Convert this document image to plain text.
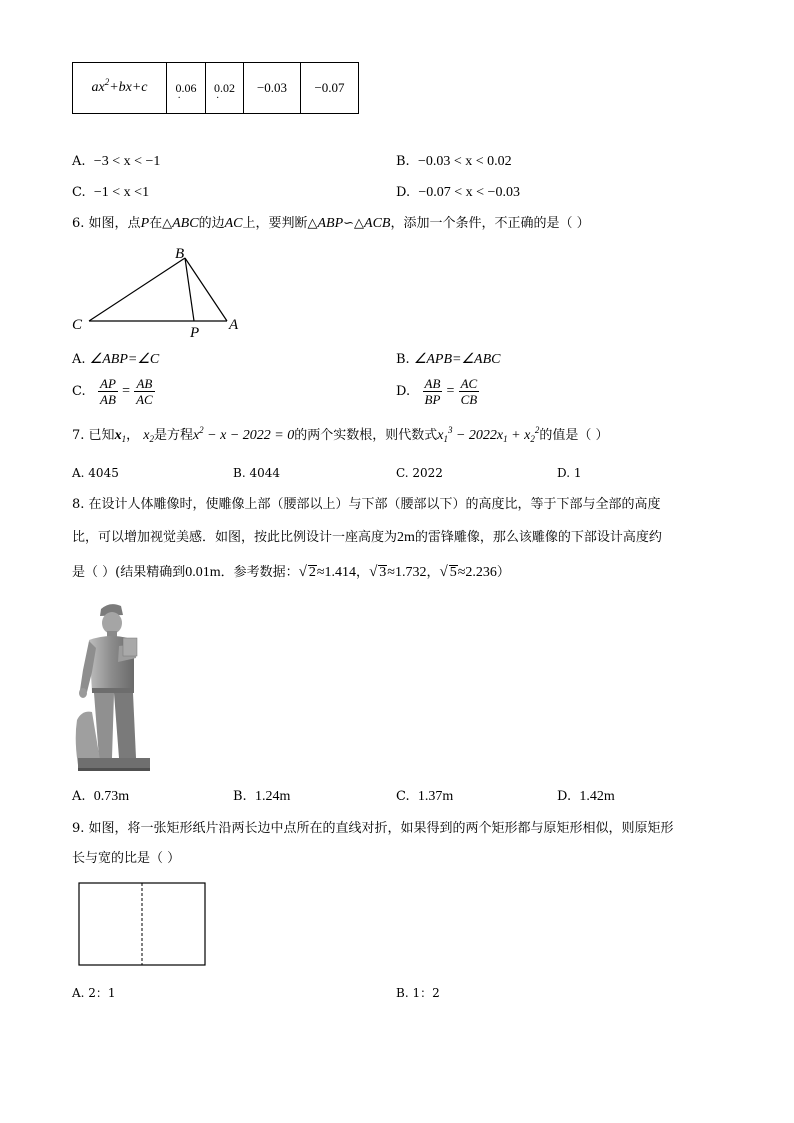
$ax^2+bx+c$	0.06 ·	0.02 ·	−0.03	−0.07
A. −3 < x < −1	B. −0.03 < x < 0.02
C. −1 < x <1	D. −0.07 < x < −0.03
6. 如图，点P在△ABC的边AC上，要判断△ABP∽△ACB，添加一个条件，不正确的是（ ）
B
C	P A
A. ∠ABP=∠C	B. ∠APB=∠ABC
C. $\frac{AP}{AB} = \frac{AB}{AC}$	D. $\frac{AB}{BP} = \frac{AC}{CB}$
7. 已知$x_1$， $x_2$是方程$x^2 - x - 2022 = 0$的两个实数根，则代数式$x_1^3 - 2022x_1 + x_2^2$的值是（ ）
A. 4045	B. 4044	C. 2022	D. 1
8. 在设计人体雕像时，使雕像上部（腰部以上）与下部（腰部以下）的高度比，等于下部与全部的高度
比，可以增加视觉美感．如图，按此比例设计一座高度为2m的雷锋雕像，那么该雕像的下部设计高度约
是（ ）(结果精确到0.01m．参考数据：√ 2≈1.414，√ 3≈1.732，√ 5≈2.236）
A. 0.73m	B. 1.24m	C. 1.37m	D. 1.42m
9. 如图，将一张矩形纸片沿两长边中点所在的直线对折，如果得到的两个矩形都与原矩形相似，则原矩形
长与宽的比是（ ）
A. 2：1	B. 1：2
